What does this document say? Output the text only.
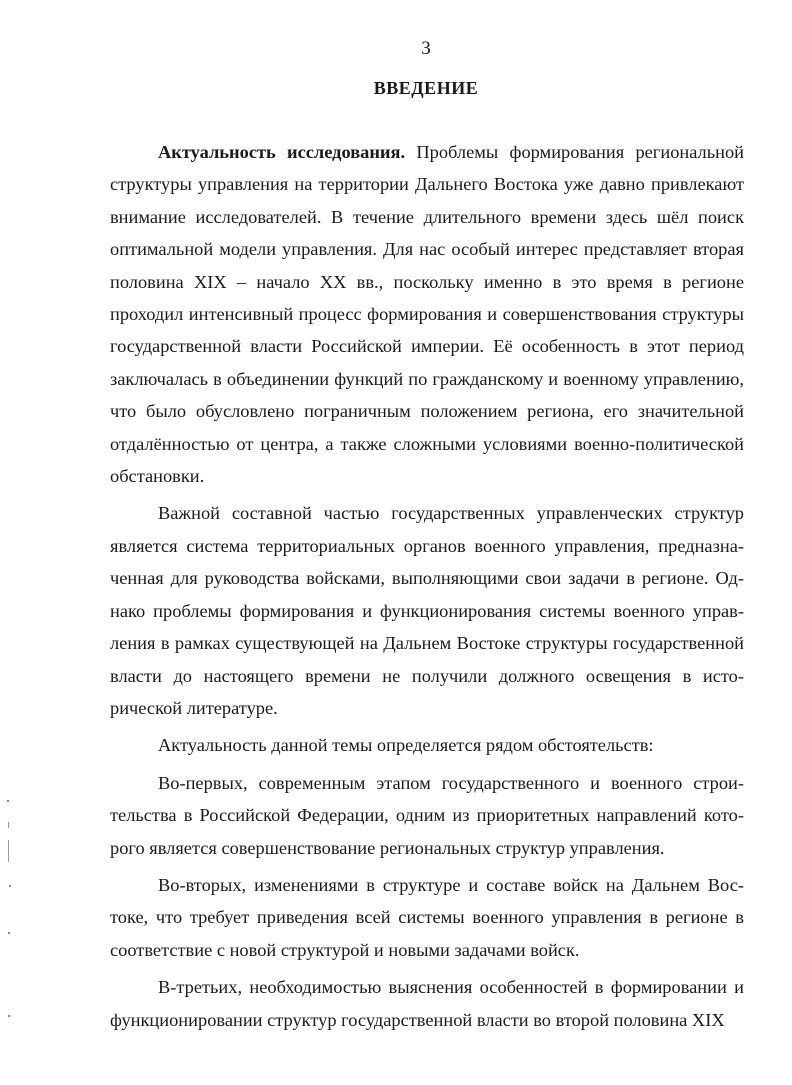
3
ВВЕДЕНИЕ

Актуальность исследования. Проблемы формирования региональной структуры управления на территории Дальнего Востока уже давно привлекают внимание исследователей. В течение длительного времени здесь шёл поиск оптимальной модели управления. Для нас особый интерес представляет вторая половина XIX – начало XX вв., поскольку именно в это время в регионе проходил интенсивный процесс формирования и совершенствования структуры государственной власти Российской империи. Её особенность в этот период заключалась в объединении функций по гражданскому и военному управлению, что было обусловлено пограничным положением региона, его значительной отдалённостью от центра, а также сложными условиями военно-политической обстановки.

Важной составной частью государственных управленческих структур является система территориальных органов военного управления, предназначенная для руководства войсками, выполняющими свои задачи в регионе. Однако проблемы формирования и функционирования системы военного управления в рамках существующей на Дальнем Востоке структуры государственной власти до настоящего времени не получили должного освещения в исторической литературе.

Актуальность данной темы определяется рядом обстоятельств:

Во-первых, современным этапом государственного и военного строительства в Российской Федерации, одним из приоритетных направлений которого является совершенствование региональных структур управления.

Во-вторых, изменениями в структуре и составе войск на Дальнем Востоке, что требует приведения всей системы военного управления в регионе в соответствие с новой структурой и новыми задачами войск.

В-третьих, необходимостью выяснения особенностей в формировании и функционировании структур государственной власти во второй половина XIX
